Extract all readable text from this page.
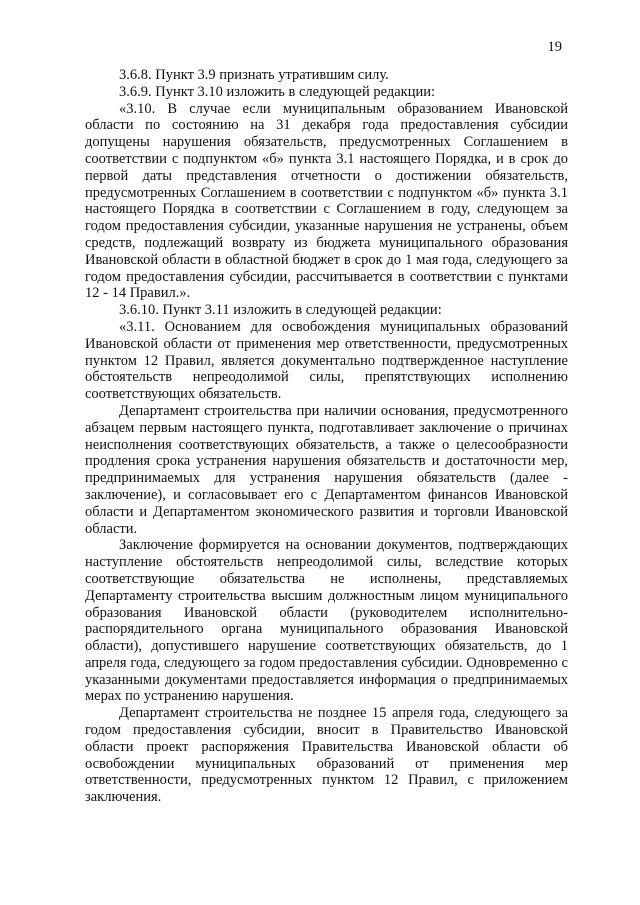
19

3.6.8. Пункт 3.9 признать утратившим силу.

3.6.9. Пункт 3.10 изложить в следующей редакции:

«3.10. В случае если муниципальным образованием Ивановской области по состоянию на 31 декабря года предоставления субсидии допущены нарушения обязательств, предусмотренных Соглашением в соответствии с подпунктом «б» пункта 3.1 настоящего Порядка, и в срок до первой даты представления отчетности о достижении обязательств, предусмотренных Соглашением в соответствии с подпунктом «б» пункта 3.1 настоящего Порядка в соответствии с Соглашением в году, следующем за годом предоставления субсидии, указанные нарушения не устранены, объем средств, подлежащий возврату из бюджета муниципального образования Ивановской области в областной бюджет в срок до 1 мая года, следующего за годом предоставления субсидии, рассчитывается в соответствии с пунктами 12 - 14 Правил.».

3.6.10. Пункт 3.11 изложить в следующей редакции:

«3.11. Основанием для освобождения муниципальных образований Ивановской области от применения мер ответственности, предусмотренных пунктом 12 Правил, является документально подтвержденное наступление обстоятельств непреодолимой силы, препятствующих исполнению соответствующих обязательств.

Департамент строительства при наличии основания, предусмотренного абзацем первым настоящего пункта, подготавливает заключение о причинах неисполнения соответствующих обязательств, а также о целесообразности продления срока устранения нарушения обязательств и достаточности мер, предпринимаемых для устранения нарушения обязательств (далее - заключение), и согласовывает его с Департаментом финансов Ивановской области и Департаментом экономического развития и торговли Ивановской области.

Заключение формируется на основании документов, подтверждающих наступление обстоятельств непреодолимой силы, вследствие которых соответствующие обязательства не исполнены, представляемых Департаменту строительства высшим должностным лицом муниципального образования Ивановской области (руководителем исполнительно-распорядительного органа муниципального образования Ивановской области), допустившего нарушение соответствующих обязательств, до 1 апреля года, следующего за годом предоставления субсидии. Одновременно с указанными документами предоставляется информация о предпринимаемых мерах по устранению нарушения.

Департамент строительства не позднее 15 апреля года, следующего за годом предоставления субсидии, вносит в Правительство Ивановской области проект распоряжения Правительства Ивановской области об освобождении муниципальных образований от применения мер ответственности, предусмотренных пунктом 12 Правил, с приложением заключения.
